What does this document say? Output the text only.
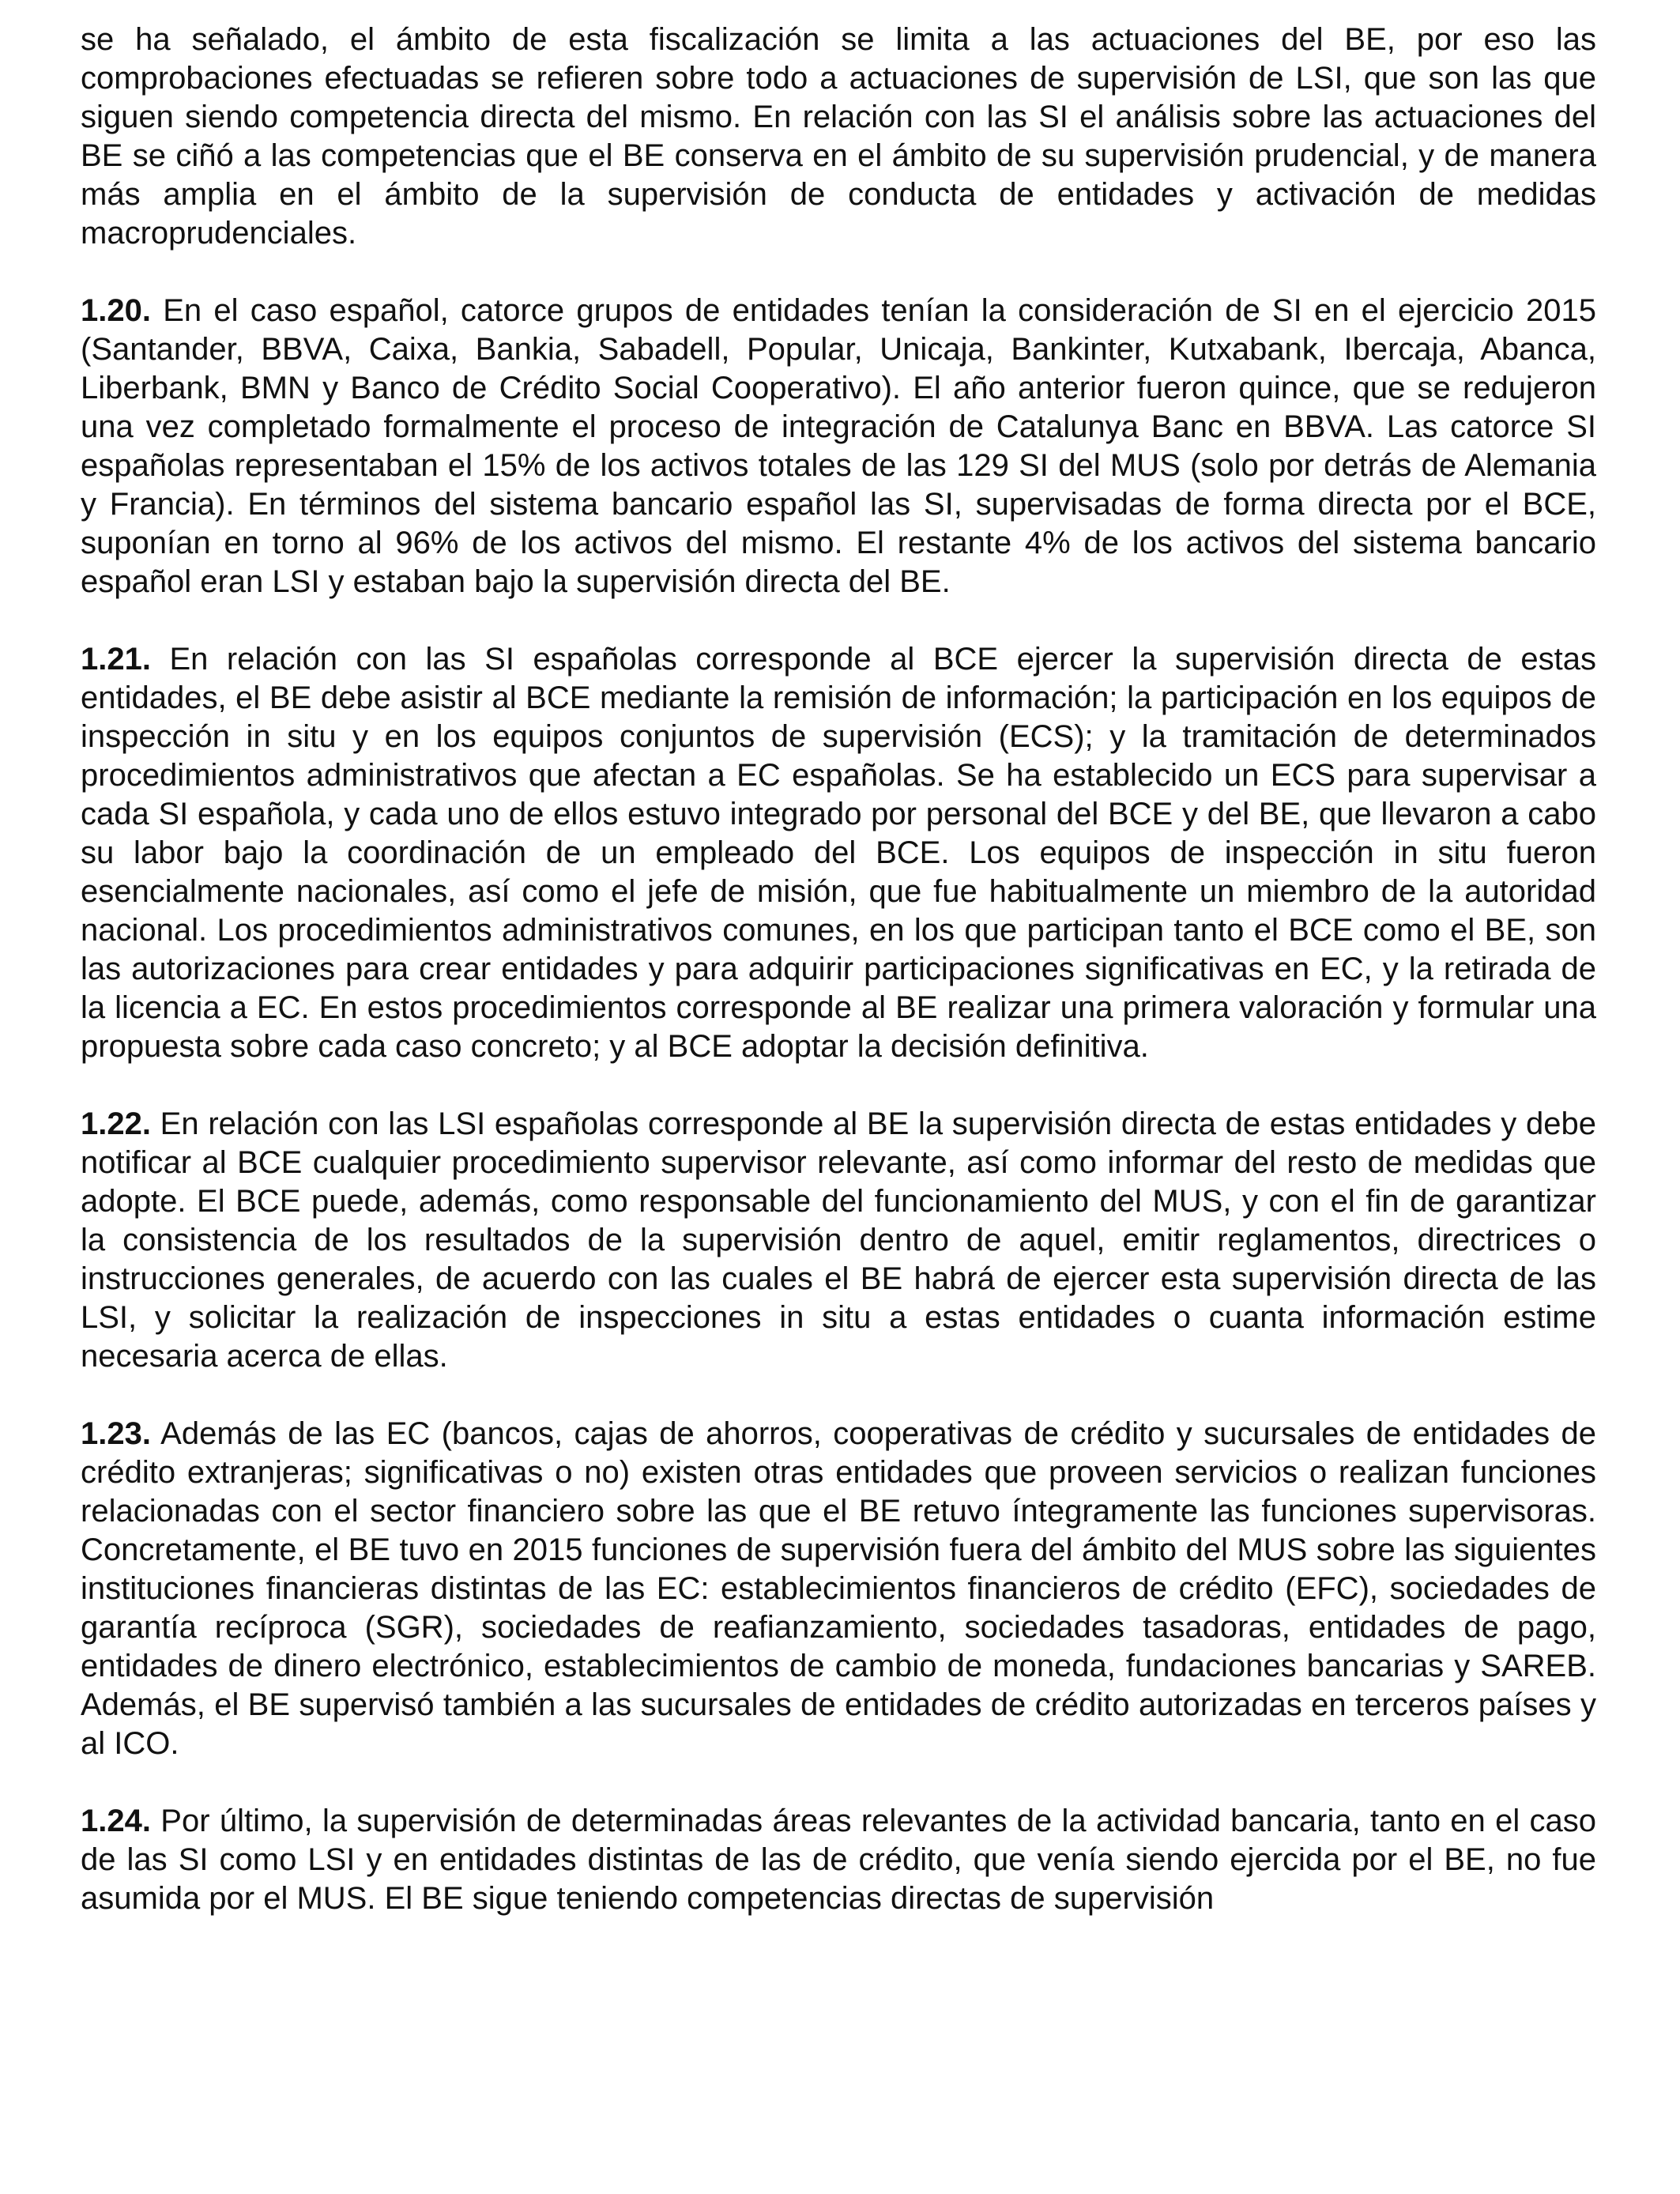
se ha señalado, el ámbito de esta fiscalización se limita a las actuaciones del BE, por eso las comprobaciones efectuadas se refieren sobre todo a actuaciones de supervisión de LSI, que son las que siguen siendo competencia directa del mismo. En relación con las SI el análisis sobre las actuaciones del BE se ciñó a las competencias que el BE conserva en el ámbito de su supervisión prudencial, y de manera más amplia en el ámbito de la supervisión de conducta de entidades y activación de medidas macroprudenciales.

1.20. En el caso español, catorce grupos de entidades tenían la consideración de SI en el ejercicio 2015 (Santander, BBVA, Caixa, Bankia, Sabadell, Popular, Unicaja, Bankinter, Kutxabank, Ibercaja, Abanca, Liberbank, BMN y Banco de Crédito Social Cooperativo). El año anterior fueron quince, que se redujeron una vez completado formalmente el proceso de integración de Catalunya Banc en BBVA. Las catorce SI españolas representaban el 15% de los activos totales de las 129 SI del MUS (solo por detrás de Alemania y Francia). En términos del sistema bancario español las SI, supervisadas de forma directa por el BCE, suponían en torno al 96% de los activos del mismo. El restante 4% de los activos del sistema bancario español eran LSI y estaban bajo la supervisión directa del BE.

1.21. En relación con las SI españolas corresponde al BCE ejercer la supervisión directa de estas entidades, el BE debe asistir al BCE mediante la remisión de información; la participación en los equipos de inspección in situ y en los equipos conjuntos de supervisión (ECS); y la tramitación de determinados procedimientos administrativos que afectan a EC españolas. Se ha establecido un ECS para supervisar a cada SI española, y cada uno de ellos estuvo integrado por personal del BCE y del BE, que llevaron a cabo su labor bajo la coordinación de un empleado del BCE. Los equipos de inspección in situ fueron esencialmente nacionales, así como el jefe de misión, que fue habitualmente un miembro de la autoridad nacional. Los procedimientos administrativos comunes, en los que participan tanto el BCE como el BE, son las autorizaciones para crear entidades y para adquirir participaciones significativas en EC, y la retirada de la licencia a EC. En estos procedimientos corresponde al BE realizar una primera valoración y formular una propuesta sobre cada caso concreto; y al BCE adoptar la decisión definitiva.

1.22. En relación con las LSI españolas corresponde al BE la supervisión directa de estas entidades y debe notificar al BCE cualquier procedimiento supervisor relevante, así como informar del resto de medidas que adopte. El BCE puede, además, como responsable del funcionamiento del MUS, y con el fin de garantizar la consistencia de los resultados de la supervisión dentro de aquel, emitir reglamentos, directrices o instrucciones generales, de acuerdo con las cuales el BE habrá de ejercer esta supervisión directa de las LSI, y solicitar la realización de inspecciones in situ a estas entidades o cuanta información estime necesaria acerca de ellas.

1.23. Además de las EC (bancos, cajas de ahorros, cooperativas de crédito y sucursales de entidades de crédito extranjeras; significativas o no) existen otras entidades que proveen servicios o realizan funciones relacionadas con el sector financiero sobre las que el BE retuvo íntegramente las funciones supervisoras. Concretamente, el BE tuvo en 2015 funciones de supervisión fuera del ámbito del MUS sobre las siguientes instituciones financieras distintas de las EC: establecimientos financieros de crédito (EFC), sociedades de garantía recíproca (SGR), sociedades de reafianzamiento, sociedades tasadoras, entidades de pago, entidades de dinero electrónico, establecimientos de cambio de moneda, fundaciones bancarias y SAREB. Además, el BE supervisó también a las sucursales de entidades de crédito autorizadas en terceros países y al ICO.

1.24. Por último, la supervisión de determinadas áreas relevantes de la actividad bancaria, tanto en el caso de las SI como LSI y en entidades distintas de las de crédito, que venía siendo ejercida por el BE, no fue asumida por el MUS. El BE sigue teniendo competencias directas de supervisión
